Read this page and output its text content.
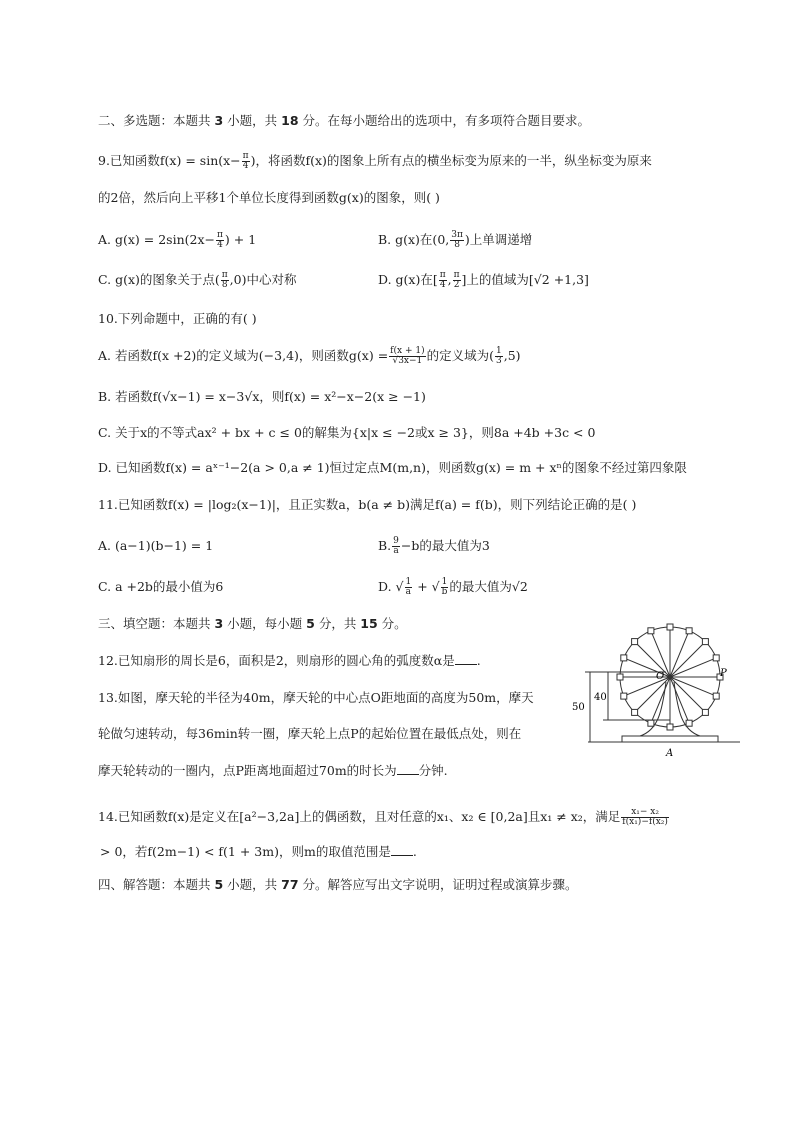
二、多选题：本题共 3 小题，共 18 分。在每小题给出的选项中，有多项符合题目要求。
9.已知函数$f(x) = \sin(x- \frac{\pi}{4}$ )，将函数f(x)的图象上所有点的横坐标变为原来的一半，纵坐标变为原来
的2倍，然后向上平移1个单位长度得到函数g(x)的图象，则( )
A. $g(x) = 2\sin(2x- \frac{\pi}{4}$ ) + 1	B. g(x)在(0, $\frac{3\pi}{8}$ )上单调递增
C. g(x)的图象关于点( $\frac{\pi}{8} ,0$)中心对称	D. g(x)在[ $\frac{\pi}{4}$ , $\frac{\pi}{2}$ ]上的值域为[√2 +1,3]
10.下列命题中，正确的有( )
A. 若函数f(x +2)的定义域为(−3,4)，则函数$g(x) = \frac{f(x + 1)}{√3x-1}$ 的定义域为( $\frac{1}{3} ,5$)
B. 若函数f(√x−1) = x−3√x，则f(x) = x²−x−2(x ≥ −1)
C. 关于x的不等式ax² + bx + c ≤ 0的解集为{x|x ≤ −2或x ≥ 3}，则8a +4b +3c < 0
D. 已知函数f(x) = aˣ⁻¹−2(a > 0,a ≠ 1)恒过定点M(m,n)，则函数g(x) = m + xⁿ的图象不经过第四象限
11.已知函数f(x) = |log₂(x−1)|，且正实数a，b(a ≠ b)满足f(a) = f(b)，则下列结论正确的是( )
A. (a−1)(b−1) = 1	B. $\frac{9}{a} -b$的最大值为3
C. a +2b的最小值为6	D. √ $\frac{1}{a}$ + √ $\frac{1}{b}$ 的最大值为√2
三、填空题：本题共 3 小题，每小题 5 分，共 15 分。
12.已知扇形的周长是6，面积是2，则扇形的圆心角的弧度数α是 .
13.如图，摩天轮的半径为40m，摩天轮的中心点O距地面的高度为50m，摩天
轮做匀速转动，每36min转一圈，摩天轮上点P的起始位置在最低点处，则在
摩天轮转动的一圈内，点P距离地面超过70m的时长为 分钟.
50
40
O	P
A
14.已知函数f(x)是定义在[a²−3,2a]上的偶函数，且对任意的x₁、x₂ ∈ [0,2a]且x₁ ≠ x₂，满足 $\frac{\text{x₁− x₂}}{\text{f(x₁)−f(x₂)}}$
> 0，若f(2m−1) < f(1 + 3m)，则m的取值范围是 .
四、解答题：本题共 5 小题，共 77 分。解答应写出文字说明，证明过程或演算步骤。
